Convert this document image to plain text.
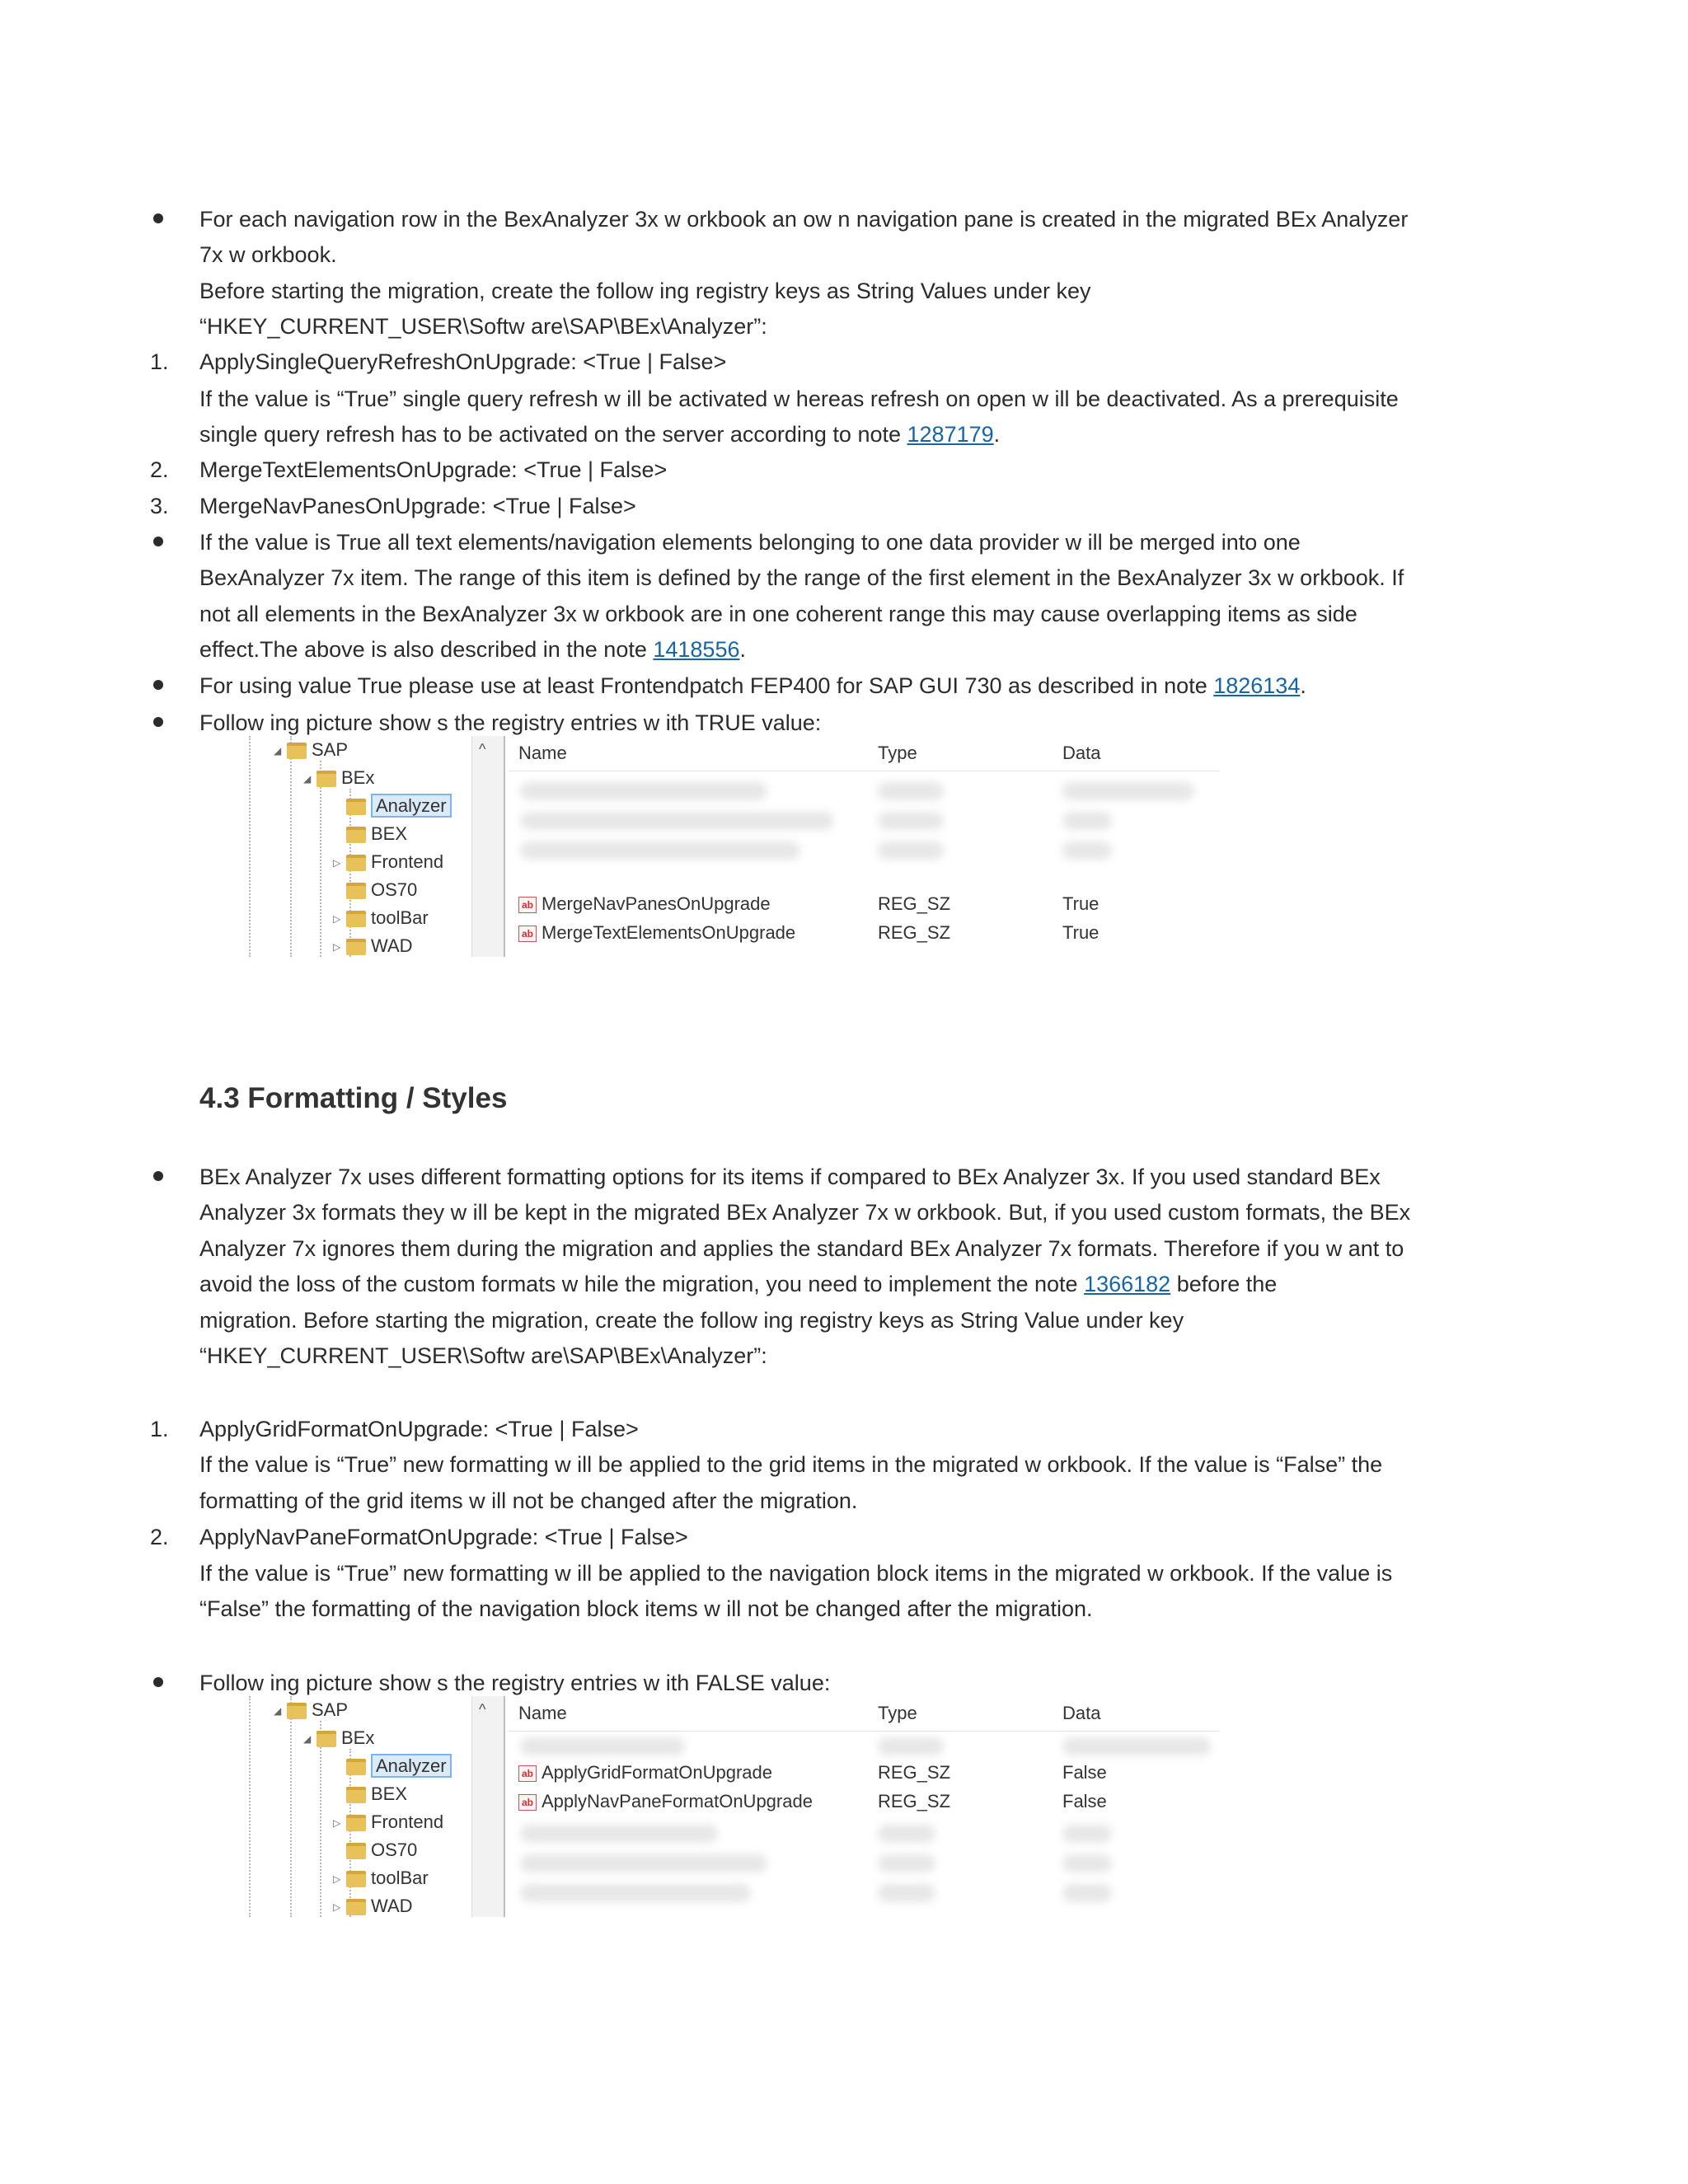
For each navigation row in the BexAnalyzer 3x w orkbook an ow n navigation pane is created in the migrated BEx Analyzer
7x w orkbook.
Before starting the migration, create the follow ing registry keys as String Values under key
“HKEY_CURRENT_USER\Softw are\SAP\BEx\Analyzer”:
1. ApplySingleQueryRefreshOnUpgrade: <True | False>
If the value is “True” single query refresh w ill be activated w hereas refresh on open w ill be deactivated. As a prerequisite
single query refresh has to be activated on the server according to note 1287179.
2. MergeTextElementsOnUpgrade: <True | False>
3. MergeNavPanesOnUpgrade: <True | False>
If the value is True all text elements/navigation elements belonging to one data provider w ill be merged into one
BexAnalyzer 7x item. The range of this item is defined by the range of the first element in the BexAnalyzer 3x w orkbook. If
not all elements in the BexAnalyzer 3x w orkbook are in one coherent range this may cause overlapping items as side
effect.The above is also described in the note 1418556.
For using value True please use at least Frontendpatch FEP400 for SAP GUI 730 as described in note 1826134.
Follow ing picture show s the registry entries w ith TRUE value:
◢ SAP
◢ BEx
Analyzer
BEX
▷ Frontend
OS70
▷ toolBar
▷ WAD
^ Name	Type	Data
ab MergeNavPanesOnUpgrade	REG_SZ	True
ab MergeTextElementsOnUpgrade	REG_SZ	True
4.3 Formatting / Styles
BEx Analyzer 7x uses different formatting options for its items if compared to BEx Analyzer 3x. If you used standard BEx
Analyzer 3x formats they w ill be kept in the migrated BEx Analyzer 7x w orkbook. But, if you used custom formats, the BEx
Analyzer 7x ignores them during the migration and applies the standard BEx Analyzer 7x formats. Therefore if you w ant to
avoid the loss of the custom formats w hile the migration, you need to implement the note 1366182 before the
migration. Before starting the migration, create the follow ing registry keys as String Value under key
“HKEY_CURRENT_USER\Softw are\SAP\BEx\Analyzer”:
1. ApplyGridFormatOnUpgrade: <True | False>
If the value is “True” new formatting w ill be applied to the grid items in the migrated w orkbook. If the value is “False” the
formatting of the grid items w ill not be changed after the migration.
2. ApplyNavPaneFormatOnUpgrade: <True | False>
If the value is “True” new formatting w ill be applied to the navigation block items in the migrated w orkbook. If the value is
“False” the formatting of the navigation block items w ill not be changed after the migration.
Follow ing picture show s the registry entries w ith FALSE value:
◢ SAP
◢ BEx
Analyzer
BEX
▷ Frontend
OS70
▷ toolBar
▷ WAD
^ Name	Type	Data
ab ApplyGridFormatOnUpgrade	REG_SZ	False
ab ApplyNavPaneFormatOnUpgrade	REG_SZ	False
